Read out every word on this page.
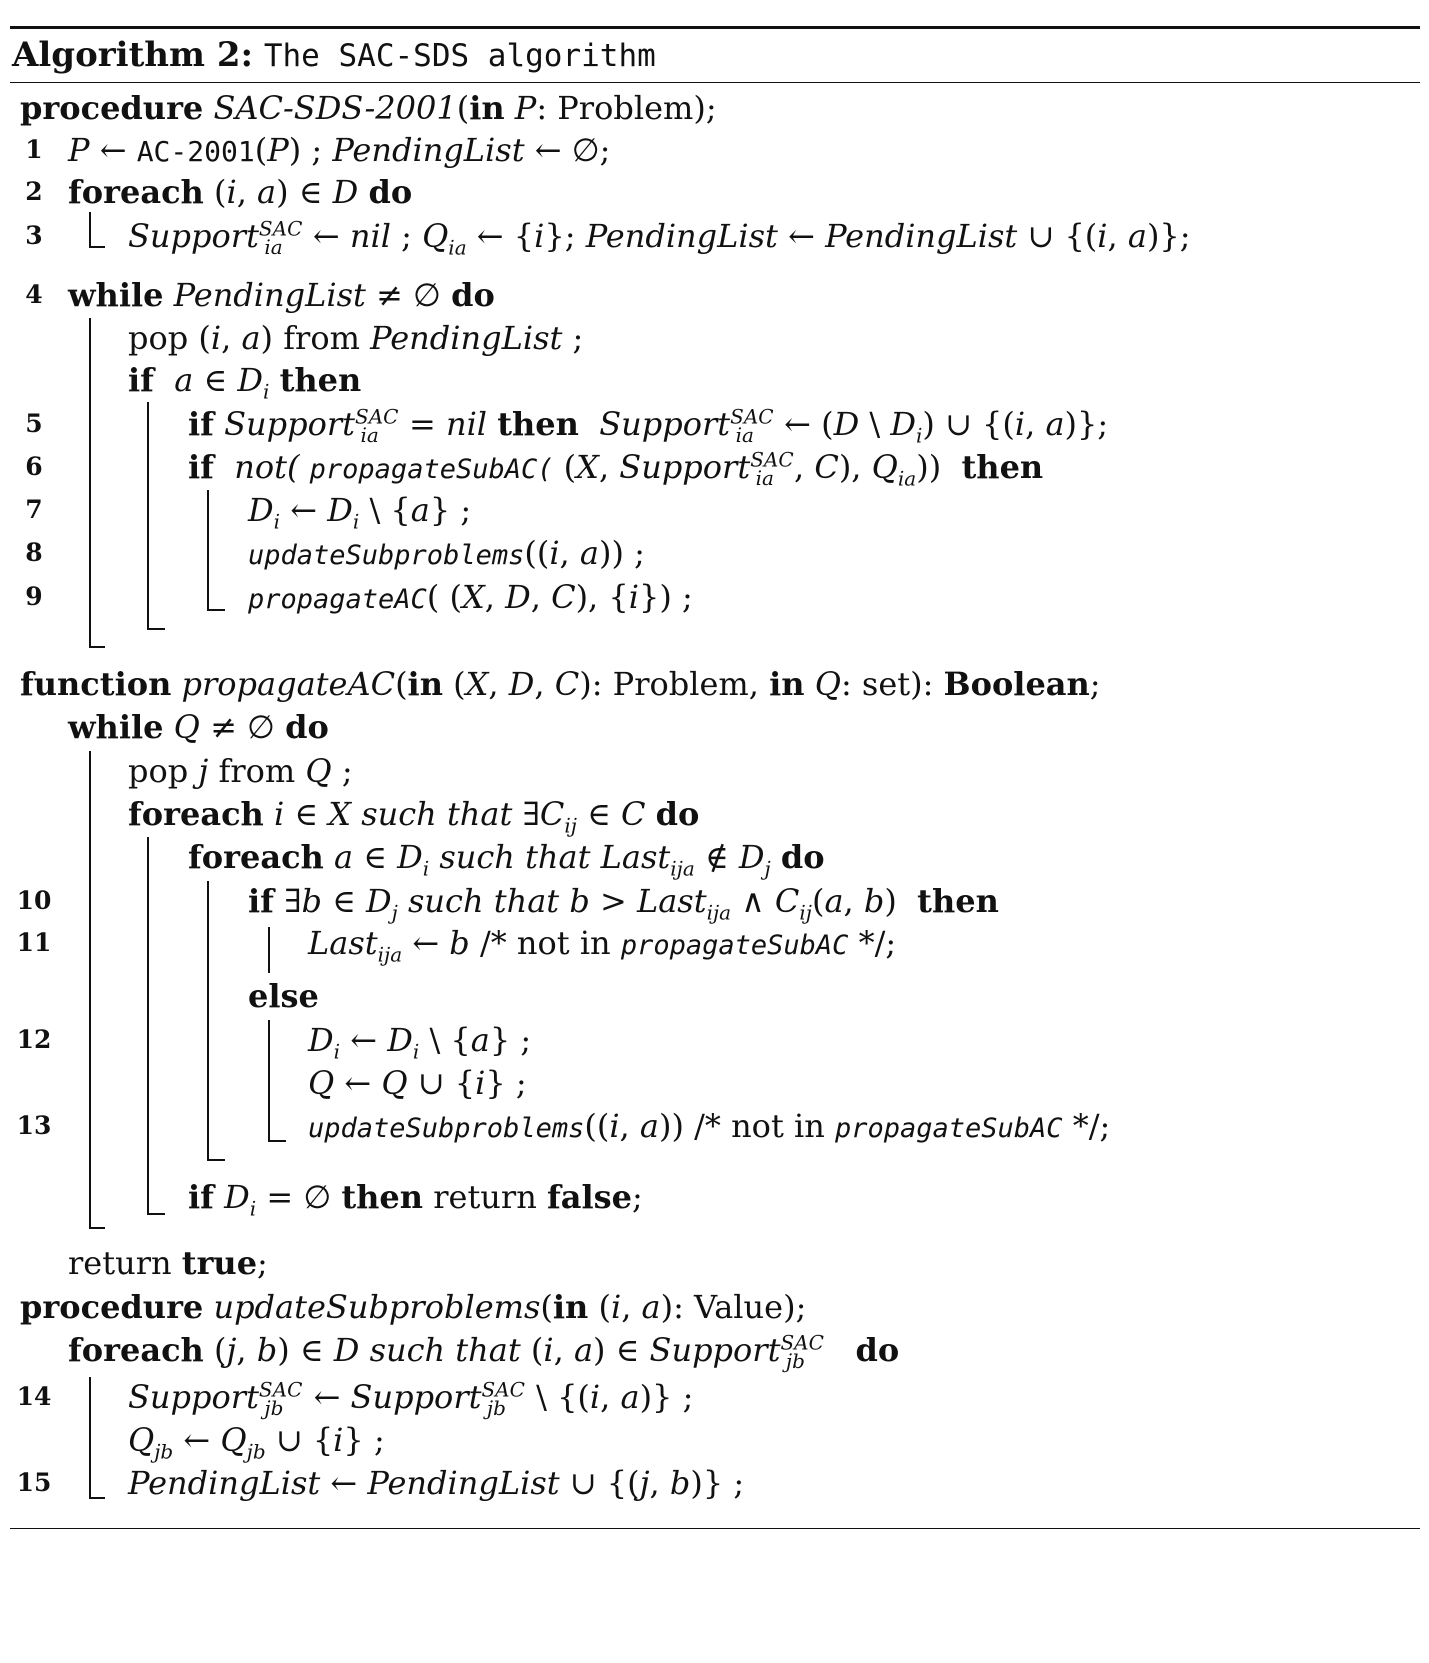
Algorithm 2: The SAC-SDS algorithm
1
2
3
4
5
6
7
8
9
10
11
12
13
14
15
procedure SAC-SDS-2001(in P: Problem);
P ← AC-2001(P) ; PendingList ← ∅;
foreach (i, a) ∈ D do
Support$^{SAC}_{ia}$ ← nil ; $Q_{ia}$ ← {i}; PendingList ← PendingList ∪ {(i, a)};
while PendingList ≠ ∅ do
pop (i, a) from PendingList ;
if a ∈ $D_i$ then
if Support$^{SAC}_{ia}$ = nil then Support$^{SAC}_{ia}$ ← (D \ $D_i$) ∪ {(i, a)};
if not( propagateSubAC( (X, Support$^{SAC}_{ia}$ , C), $Q_{ia}$))  then
$D_i$ ← $D_i$ \ {a} ;
updateSubproblems((i, a)) ;
propagateAC( (X, D, C), {i}) ;
function propagateAC(in (X, D, C): Problem, in Q: set): Boolean;
while Q ≠ ∅ do
pop j from Q ;
foreach i ∈ X such that $\exists C_{ij}$ ∈ C do
foreach a ∈ $D_i$ such that Last$_{ija}$ ∉ $D_j$ do
if ∃b ∈ $D_j$ such that b > Last$_{ija}$ ∧ $C_{ij}(a$, b)  then
Last$_{ija}$ ← b /* not in propagateSubAC */;
else
$D_i$ ← $D_i$ \ {a} ;
Q ← Q ∪ {i} ;
updateSubproblems((i, a)) /* not in propagateSubAC */;
if $D_i$ = ∅ then return false;
return true;
procedure updateSubproblems(in (i, a): Value);
foreach (j, b) ∈ D such that (i, a) ∈ Support$^{SAC}_{jb}$ do
Support$^{SAC}_{jb}$ ← Support$^{SAC}_{jb}$ \ {(i, a)} ;
$Q_{jb}$ ← $Q_{jb}$ ∪ {i} ;
PendingList ← PendingList ∪ {(j, b)} ;
